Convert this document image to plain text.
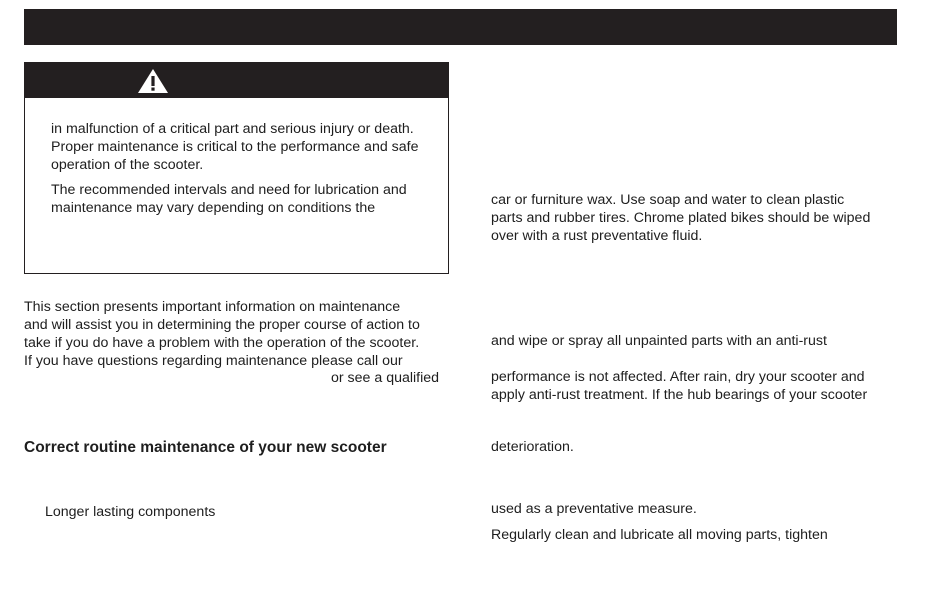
in malfunction of a critical part and serious injury or death.
Proper maintenance is critical to the performance and safe
operation of the scooter.
The recommended intervals and need for lubrication and
maintenance may vary depending on conditions the
This section presents important information on maintenance
and will assist you in determining the proper course of action to
take if you do have a problem with the operation of the scooter.
If you have questions regarding maintenance please call our
or see a qualified
Correct routine maintenance of your new scooter
Longer lasting components
car or furniture wax. Use soap and water to clean plastic
parts and rubber tires. Chrome plated bikes should be wiped
over with a rust preventative fluid.
and wipe or spray all unpainted parts with an anti-rust
performance is not affected. After rain, dry your scooter and
apply anti-rust treatment. If the hub bearings of your scooter
deterioration.
used as a preventative measure.
Regularly clean and lubricate all moving parts, tighten
